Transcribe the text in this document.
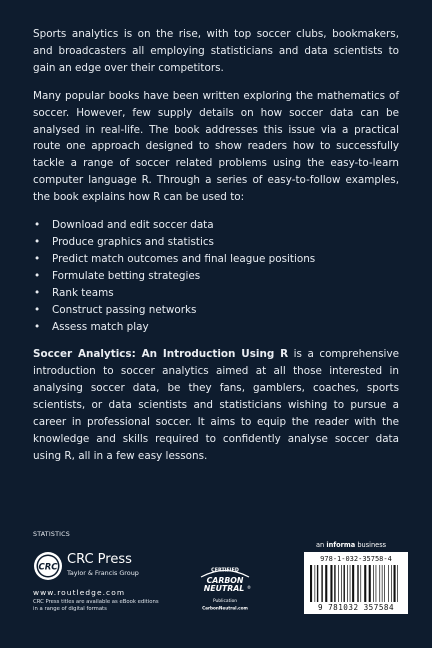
Sports analytics is on the rise, with top soccer clubs, bookmakers, and broadcasters all employing statisticians and data scientists to gain an edge over their competitors.

Many popular books have been written exploring the mathematics of soccer. However, few supply details on how soccer data can be analysed in real-life. The book addresses this issue via a practical route one approach designed to show readers how to successfully tackle a range of soccer related problems using the easy-to-learn computer language R. Through a series of easy-to-follow examples, the book explains how R can be used to:

• Download and edit soccer data
• Produce graphics and statistics
• Predict match outcomes and final league positions
• Formulate betting strategies
• Rank teams
• Construct passing networks
• Assess match play

Soccer Analytics: An Introduction Using R is a comprehensive introduction to soccer analytics aimed at all those interested in analysing soccer data, be they fans, gamblers, coaches, sports scientists, or data scientists and statisticians wishing to pursue a career in professional soccer. It aims to equip the reader with the knowledge and skills required to confidently analyse soccer data using R, all in a few easy lessons.

STATISTICS
CRC
CRC Press
Taylor & Francis Group
www.routledge.com
CRC Press titles are available as eBook editions in a range of digital formats
CERTIFIED
CARBON
NEUTRAL ®
Publication
CarbonNeutral.com
an informa business
978-1-032-35758-4
9 781032 357584
